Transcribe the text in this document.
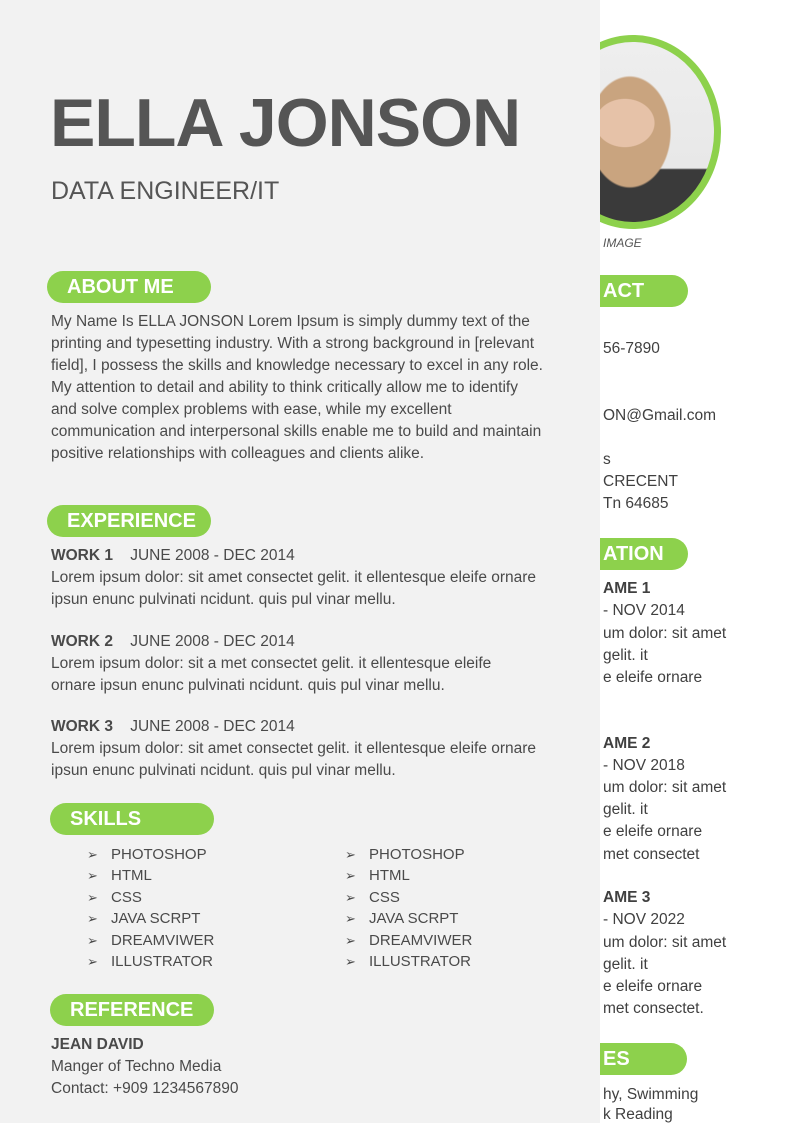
IMAGE
ACT
56-7890
ON@Gmail.com
s
CRECENT
Tn 64685
ATION
AME 1
- NOV 2014
um dolor: sit amet
gelit. it
e eleife ornare
AME 2
- NOV 2018
um dolor: sit amet
gelit. it
e eleife ornare
met consectet
AME 3
- NOV 2022
um dolor: sit amet
gelit. it
e eleife ornare
met consectet.
ES
hy, Swimming
k Reading
ELLA JONSON
DATA ENGINEER/IT
ABOUT ME
My Name Is ELLA JONSON Lorem Ipsum is simply dummy text of the
printing and typesetting industry. With a strong background in [relevant
field], I possess the skills and knowledge necessary to excel in any role.
My attention to detail and ability to think critically allow me to identify
and solve complex problems with ease, while my excellent
communication and interpersonal skills enable me to build and maintain
positive relationships with colleagues and clients alike.
EXPERIENCE
WORK 1 JUNE 2008 - DEC 2014
Lorem ipsum dolor: sit amet consectet gelit. it ellentesque eleife ornare
ipsun enunc pulvinati ncidunt. quis pul vinar mellu.
WORK 2 JUNE 2008 - DEC 2014
Lorem ipsum dolor: sit a met consectet gelit. it ellentesque eleife
ornare ipsun enunc pulvinati ncidunt. quis pul vinar mellu.
WORK 3 JUNE 2008 - DEC 2014
Lorem ipsum dolor: sit amet consectet gelit. it ellentesque eleife ornare
ipsun enunc pulvinati ncidunt. quis pul vinar mellu.
SKILLS
➢ PHOTOSHOP
➢ HTML
➢ CSS
➢ JAVA SCRPT
➢ DREAMVIWER
➢ ILLUSTRATOR
➢ PHOTOSHOP
➢ HTML
➢ CSS
➢ JAVA SCRPT
➢ DREAMVIWER
➢ ILLUSTRATOR
REFERENCE
JEAN DAVID
Manger of Techno Media
Contact: +909 1234567890
